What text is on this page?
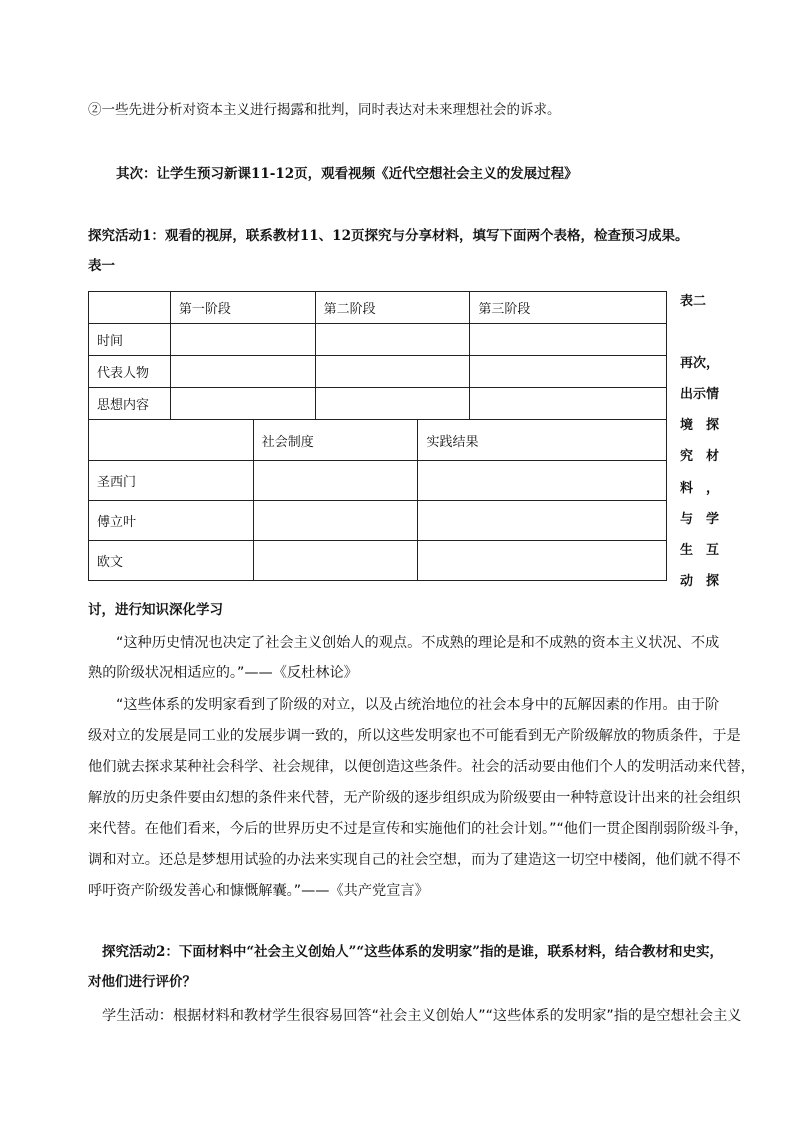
②一些先进分析对资本主义进行揭露和批判，同时表达对未来理想社会的诉求。
其次：让学生预习新课11-12页，观看视频《近代空想社会主义的发展过程》
探究活动1：观看的视屏，联系教材11、12页探究与分享材料，填写下面两个表格，检查预习成果。
表一
	第一阶段	第二阶段	第三阶段
时间			
代表人物			
思想内容			
	社会制度	实践结果
圣西门		
傅立叶		
欧文		
表二
再次，
出示情
境　探
究　材
料　，
与　学
生　互
动　探
讨，进行知识深化学习
“这种历史情况也决定了社会主义创始人的观点。不成熟的理论是和不成熟的资本主义状况、不成
熟的阶级状况相适应的。”——《反杜林论》
“这些体系的发明家看到了阶级的对立，以及占统治地位的社会本身中的瓦解因素的作用。由于阶
级对立的发展是同工业的发展步调一致的，所以这些发明家也不可能看到无产阶级解放的物质条件，于是
他们就去探求某种社会科学、社会规律，以便创造这些条件。社会的活动要由他们个人的发明活动来代替，
解放的历史条件要由幻想的条件来代替，无产阶级的逐步组织成为阶级要由一种特意设计出来的社会组织
来代替。在他们看来，今后的世界历史不过是宣传和实施他们的社会计划。”“他们一贯企图削弱阶级斗争，
调和对立。还总是梦想用试验的办法来实现自己的社会空想，而为了建造这一切空中楼阁，他们就不得不
呼吁资产阶级发善心和慷慨解囊。”——《共产党宣言》
探究活动2：下面材料中“社会主义创始人”“这些体系的发明家”指的是谁，联系材料，结合教材和史实，
对他们进行评价？
学生活动：根据材料和教材学生很容易回答“社会主义创始人”“这些体系的发明家”指的是空想社会主义
